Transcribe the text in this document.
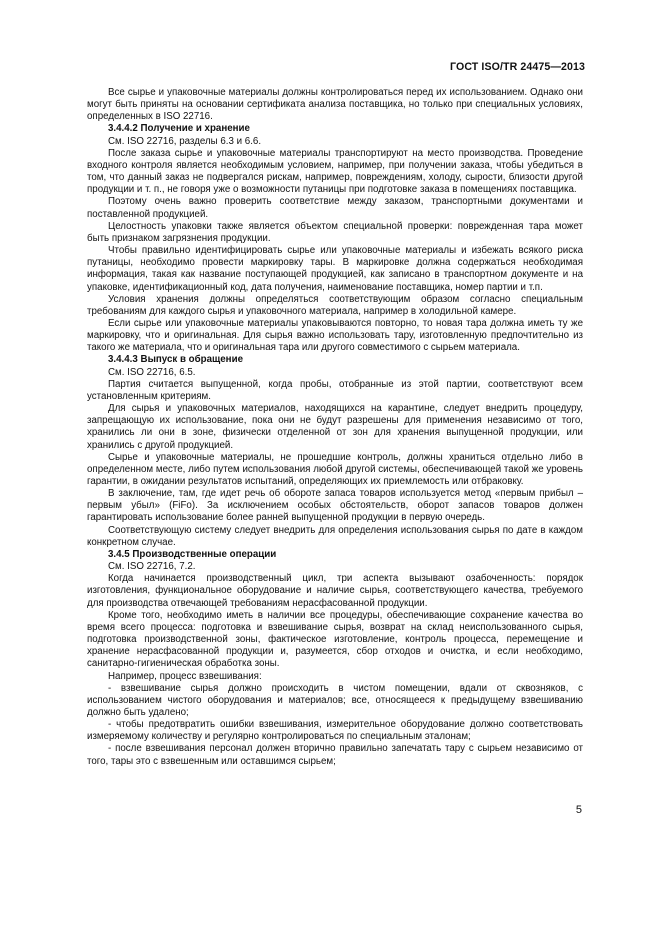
ГОСТ ISO/TR 24475—2013

Все сырье и упаковочные материалы должны контролироваться перед их использованием. Однако они могут быть приняты на основании сертификата анализа поставщика, но только при специальных условиях, определенных в ISO 22716.

3.4.4.2 Получение и хранение

См. ISO 22716, разделы 6.3 и 6.6.

После заказа сырье и упаковочные материалы транспортируют на место производства. Проведение входного контроля является необходимым условием, например, при получении заказа, чтобы убедиться в том, что данный заказ не подвергался рискам, например, повреждениям, холоду, сырости, близости другой продукции и т. п., не говоря уже о возможности путаницы при подготовке заказа в помещениях поставщика.

Поэтому очень важно проверить соответствие между заказом, транспортными документами и поставленной продукцией.

Целостность упаковки также является объектом специальной проверки: поврежденная тара может быть признаком загрязнения продукции.

Чтобы правильно идентифицировать сырье или упаковочные материалы и избежать всякого риска путаницы, необходимо провести маркировку тары. В маркировке должна содержаться необходимая информация, такая как название поступающей продукцией, как записано в транспортном документе и на упаковке, идентификационный код, дата получения, наименование поставщика, номер партии и т.п.

Условия хранения должны определяться соответствующим образом согласно специальным требованиям для каждого сырья и упаковочного материала, например в холодильной камере.

Если сырье или упаковочные материалы упаковываются повторно, то новая тара должна иметь ту же маркировку, что и оригинальная. Для сырья важно использовать тару, изготовленную предпочтительно из такого же материала, что и оригинальная тара или другого совместимого с сырьем материала.

3.4.4.3 Выпуск в обращение

См. ISO 22716, 6.5.

Партия считается выпущенной, когда пробы, отобранные из этой партии, соответствуют всем установленным критериям.

Для сырья и упаковочных материалов, находящихся на карантине, следует внедрить процедуру, запрещающую их использование, пока они не будут разрешены для применения независимо от того, хранились ли они в зоне, физически отделенной от зон для хранения выпущенной продукции, или хранились с другой продукцией.

Сырье и упаковочные материалы, не прошедшие контроль, должны храниться отдельно либо в определенном месте, либо путем использования любой другой системы, обеспечивающей такой же уровень гарантии, в ожидании результатов испытаний, определяющих их приемлемость или отбраковку.

В заключение, там, где идет речь об обороте запаса товаров используется метод «первым прибыл – первым убыл» (FiFo). За исключением особых обстоятельств, оборот запасов товаров должен гарантировать использование более ранней выпущенной продукции в первую очередь.

Соответствующую систему следует внедрить для определения использования сырья по дате в каждом конкретном случае.

3.4.5 Производственные операции

См. ISO 22716, 7.2.

Когда начинается производственный цикл, три аспекта вызывают озабоченность: порядок изготовления, функциональное оборудование и наличие сырья, соответствующего качества, требуемого для производства отвечающей требованиям нерасфасованной продукции.

Кроме того, необходимо иметь в наличии все процедуры, обеспечивающие сохранение качества во время всего процесса: подготовка и взвешивание сырья, возврат на склад неиспользованного сырья, подготовка производственной зоны, фактическое изготовление, контроль процесса, перемещение и хранение нерасфасованной продукции и, разумеется, сбор отходов и очистка, и если необходимо, санитарно-гигиеническая обработка зоны.

Например, процесс взвешивания:

- взвешивание сырья должно происходить в чистом помещении, вдали от сквозняков, с использованием чистого оборудования и материалов; все, относящееся к предыдущему взвешиванию должно быть удалено;

- чтобы предотвратить ошибки взвешивания, измерительное оборудование должно соответствовать измеряемому количеству и регулярно контролироваться по специальным эталонам;

- после взвешивания персонал должен вторично правильно запечатать тару с сырьем независимо от того, тары это с взвешенным или оставшимся сырьем;

5
